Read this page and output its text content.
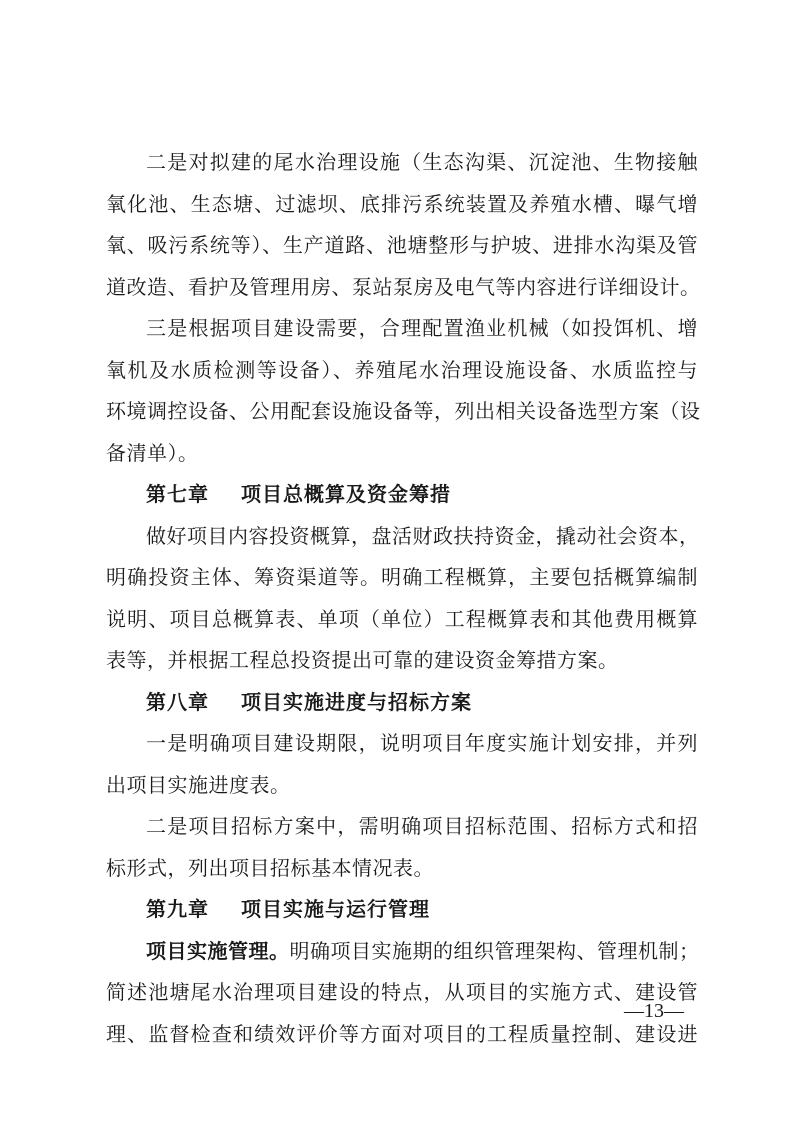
二是对拟建的尾水治理设施（生态沟渠、沉淀池、生物接触
氧化池、生态塘、过滤坝、底排污系统装置及养殖水槽、曝气增
氧、吸污系统等）、生产道路、池塘整形与护坡、进排水沟渠及管
道改造、看护及管理用房、泵站泵房及电气等内容进行详细设计。
三是根据项目建设需要，合理配置渔业机械（如投饵机、增
氧机及水质检测等设备）、养殖尾水治理设施设备、水质监控与
环境调控设备、公用配套设施设备等，列出相关设备选型方案（设
备清单）。
第七章 项目总概算及资金筹措
做好项目内容投资概算，盘活财政扶持资金，撬动社会资本，
明确投资主体、筹资渠道等。明确工程概算，主要包括概算编制
说明、项目总概算表、单项（单位）工程概算表和其他费用概算
表等，并根据工程总投资提出可靠的建设资金筹措方案。
第八章 项目实施进度与招标方案
一是明确项目建设期限，说明项目年度实施计划安排，并列
出项目实施进度表。
二是项目招标方案中，需明确项目招标范围、招标方式和招
标形式，列出项目招标基本情况表。
第九章 项目实施与运行管理
项目实施管理。明确项目实施期的组织管理架构、管理机制；
简述池塘尾水治理项目建设的特点，从项目的实施方式、建设管
理、监督检查和绩效评价等方面对项目的工程质量控制、建设进
—13—
